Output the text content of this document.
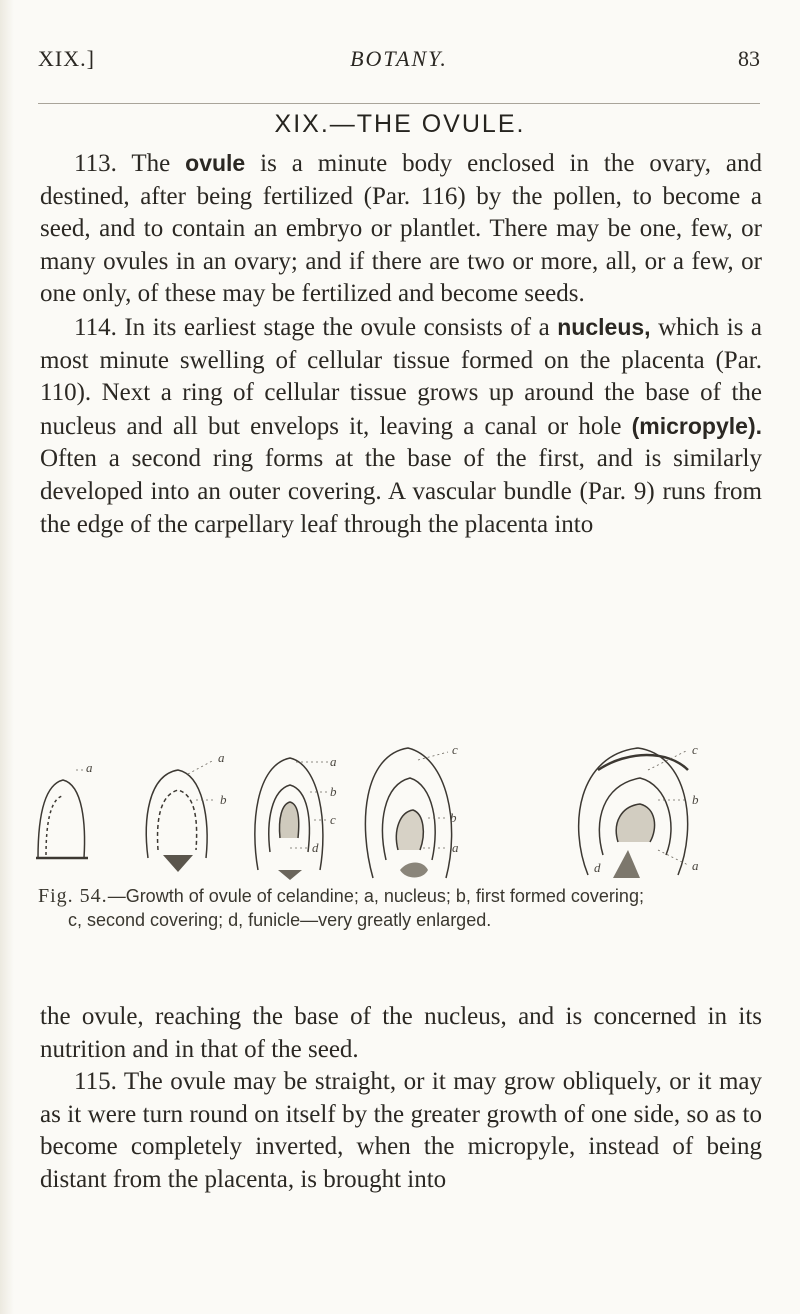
XIX.]	BOTANY.	83
XIX.—THE OVULE.

113. The ovule is a minute body enclosed in the ovary, and destined, after being fertilized (Par. 116) by the pollen, to become a seed, and to contain an embryo or plantlet. There may be one, few, or many ovules in an ovary; and if there are two or more, all, or a few, or one only, of these may be fertilized and become seeds.

114. In its earliest stage the ovule consists of a nucleus, which is a most minute swelling of cellular tissue formed on the placenta (Par. 110). Next a ring of cellular tissue grows up around the base of the nucleus and all but envelops it, leaving a canal or hole (micropyle). Often a second ring forms at the base of the first, and is similarly developed into an outer covering. A vascular bundle (Par. 9) runs from the edge of the carpellary leaf through the placenta into

a
a
b
a
b
c
d
c
b
a
c
b
a
d
Fig. 54.—Growth of ovule of celandine; a, nucleus; b, first formed covering;
c, second covering; d, funicle—very greatly enlarged.

the ovule, reaching the base of the nucleus, and is concerned in its nutrition and in that of the seed.

115. The ovule may be straight, or it may grow obliquely, or it may as it were turn round on itself by the greater growth of one side, so as to become completely inverted, when the micropyle, instead of being distant from the placenta, is brought into
